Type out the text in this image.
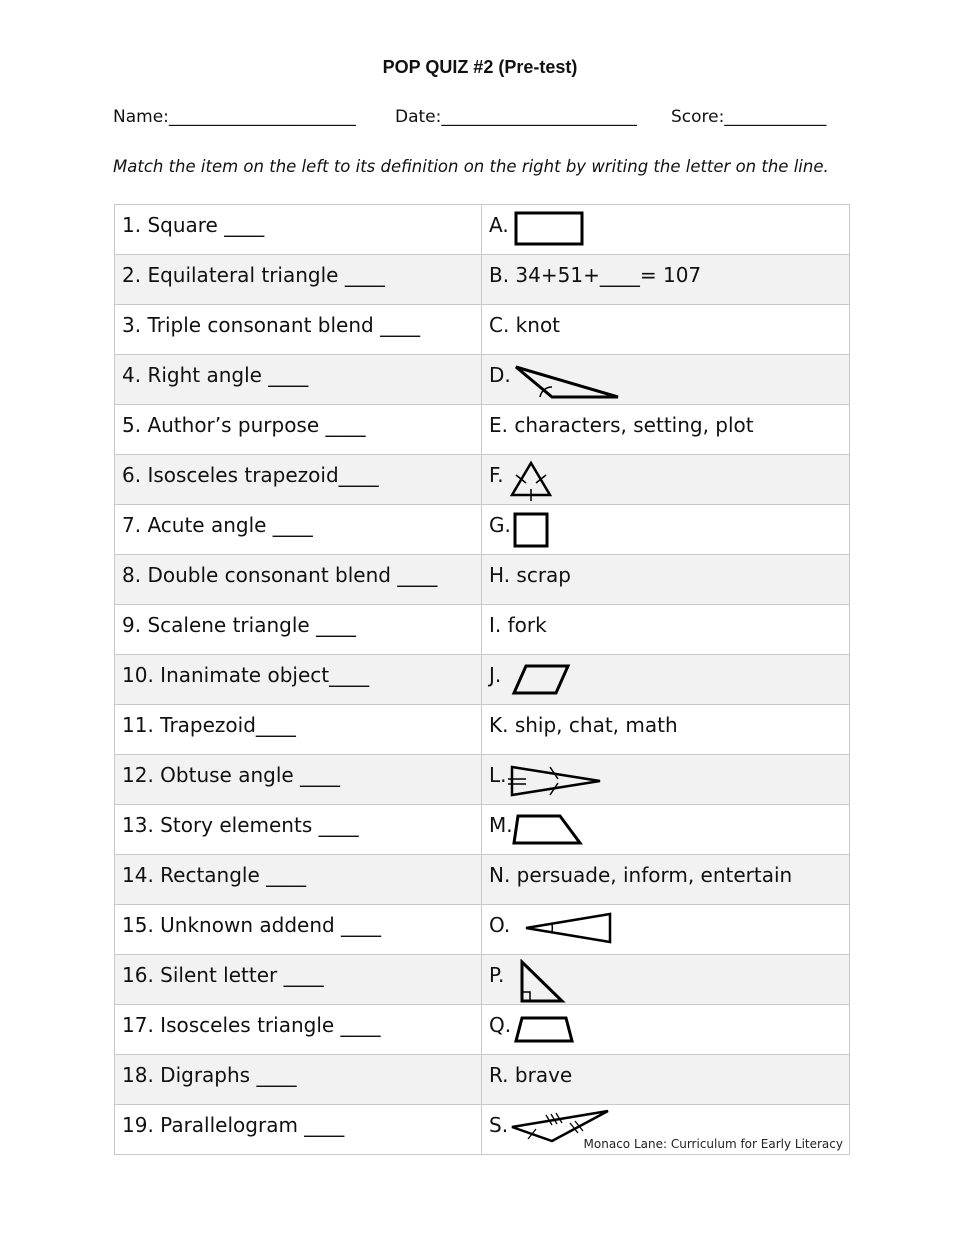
POP QUIZ #2 (Pre-test)
Name:______________________ Date:_______________________ Score:____________
Match the item on the left to its definition on the right by writing the letter on the line.
1. Square ____	A.

2. Equilateral triangle ____	B. 34+51+____= 107
3. Triple consonant blend ____	C. knot
4. Right angle ____	D.

5. Author’s purpose ____	E. characters, setting, plot
6. Isosceles trapezoid____	F.

7. Acute angle ____	G.

8. Double consonant blend ____	H. scrap
9. Scalene triangle ____	I. fork
10. Inanimate object____	J.

11. Trapezoid____	K. ship, chat, math
12. Obtuse angle ____	L.

13. Story elements ____	M.

14. Rectangle ____	N. persuade, inform, entertain
15. Unknown addend ____	O.

16. Silent letter ____	P.

17. Isosceles triangle ____	Q.

18. Digraphs ____	R. brave
19. Parallelogram ____	S.
Monaco Lane: Curriculum for Early Literacy
